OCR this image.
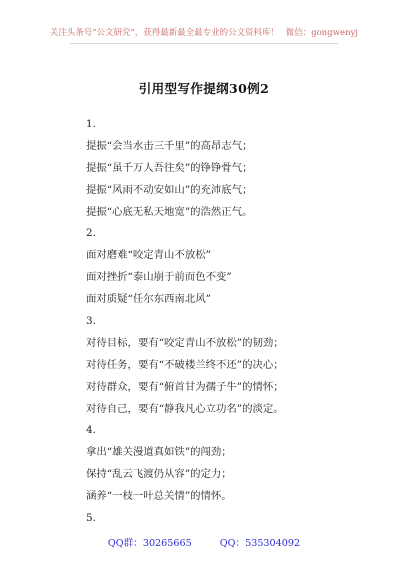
关注头条号“公文研究”，获得最新最全最专业的公文资料库！ 微信：gongwenyj
引用型写作提纲30例2
1.
提振“会当水击三千里”的高昂志气；
提振“虽千万人吾往矣”的铮铮骨气；
提振“风雨不动安如山”的充沛底气；
提振“心底无私天地宽”的浩然正气。
2.
面对磨难“咬定青山不放松”
面对挫折“泰山崩于前而色不变”
面对质疑“任尔东西南北风”
3.
对待目标，要有“咬定青山不放松”的韧劲；
对待任务，要有“不破楼兰终不还”的决心；
对待群众，要有“俯首甘为孺子牛”的情怀；
对待自己，要有“静我凡心立功名”的淡定。
4.
拿出“雄关漫道真如铁”的闯劲；
保持“乱云飞渡仍从容”的定力；
涵养“一枝一叶总关情”的情怀。
5.
QQ群：30265665	QQ：535304092
